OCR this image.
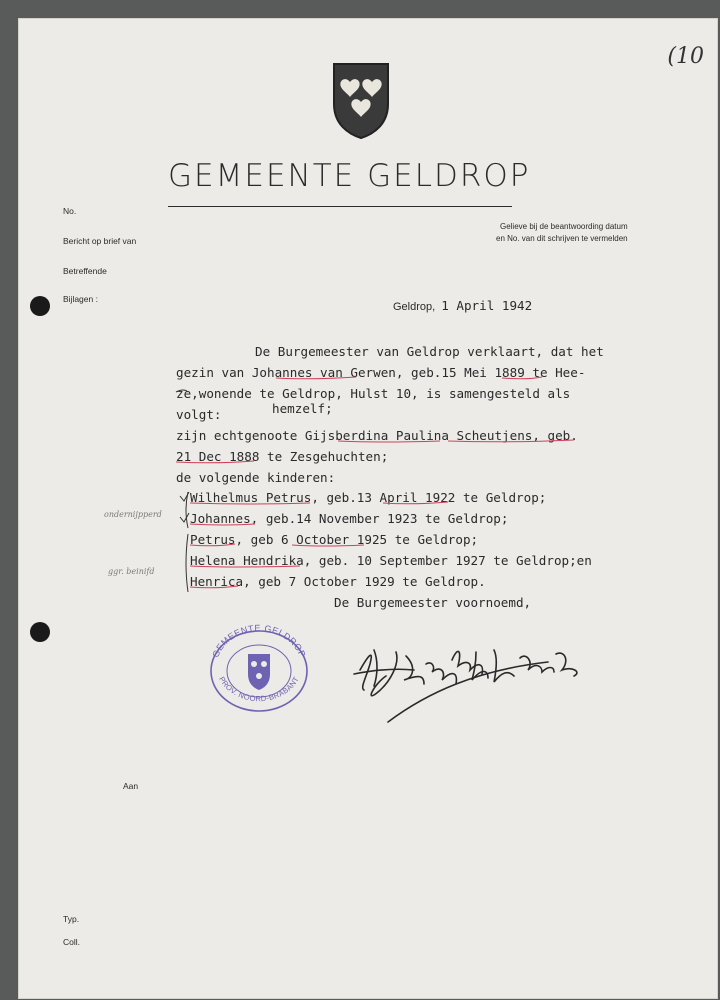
(10
GEMEENTE GELDROP
Gelieve bij de beantwoording datum
en No. van dit schrijven te vermelden
No.
Bericht op brief van
Betreffende
Bijlagen :
Geldrop, 1 April 1942
De Burgemeester van Geldrop verklaart, dat het
gezin van Johannes van Gerwen, geb.15 Mei 1889 te Hee-
ze,wonende te Geldrop, Hulst 10, is samengesteld als
volgt:	hemzelf;
zijn echtgenoote Gijsberdina Paulina Scheutjens, geb.
21 Dec 1888 te Zesgehuchten;
de volgende kinderen:
Wilhelmus Petrus, geb.13 April 1922 te Geldrop;
Johannes, geb.14 November 1923 te Geldrop;
Petrus, geb 6 October 1925 te Geldrop;
Helena Hendrika, geb. 10 September 1927 te Geldrop;en
Henrica, geb 7 October 1929 te Geldrop.
De Burgemeester voornoemd,
ondernijpperd
ggr. beinifd
GEMEENTE GELDROP
PROV. NOORD-BRABANT
Aan
Typ.
Coll.
